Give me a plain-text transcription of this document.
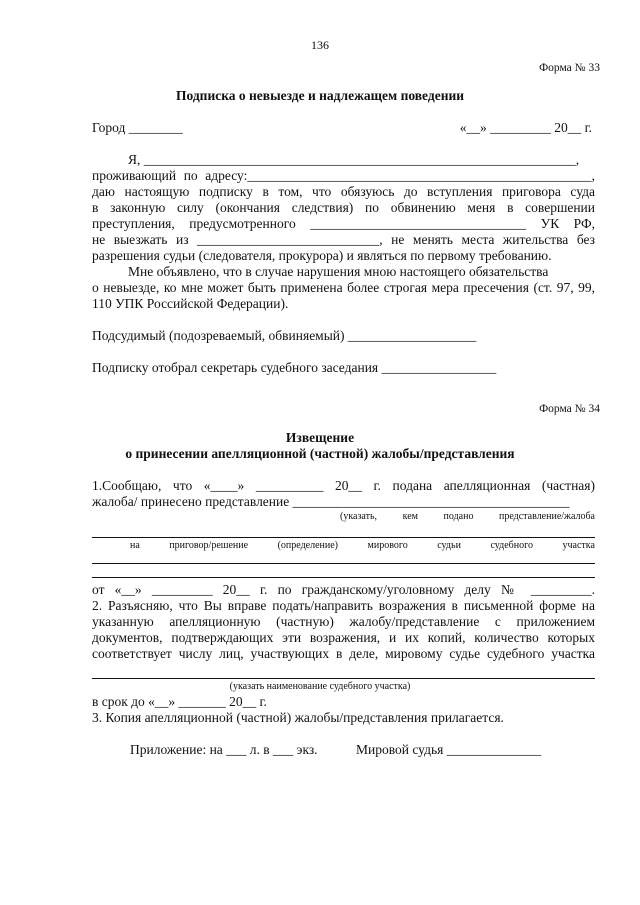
136
Форма № 33
Подписка о невыезде и надлежащем поведении
Город ________	«__» _________ 20__ г.
Я, ________________________________________________________________,
проживающий по адресу:___________________________________________________,
даю настоящую подписку в том, что обязуюсь до вступления приговора суда
в законную силу (окончания следствия) по обвинению меня в совершении
преступления, предусмотренного ________________________________ УК РФ,
не выезжать из ___________________________, не менять места жительства без
разрешения судьи (следователя, прокурора) и являться по первому требованию.
Мне объявлено, что в случае нарушения мною настоящего обязательства
о невыезде, ко мне может быть применена более строгая мера пресечения (ст. 97, 99,
110 УПК Российской Федерации).
Подсудимый (подозреваемый, обвиняемый) ___________________
Подписку отобрал секретарь судебного заседания _________________
Форма № 34
Извещение
о принесении апелляционной (частной) жалобы/представления
1.Сообщаю, что «____» __________ 20__ г. подана апелляционная (частная)
жалоба/ принесено представление _________________________________________
(указать,	кем	подано	представление/жалоба
на	приговор/решение	(определение)	мирового	судьи	судебного	участка
от «__» _________ 20__ г. по гражданскому/уголовному делу № _________.
2. Разъясняю, что Вы вправе подать/направить возражения в письменной форме на
указанную апелляционную (частную) жалобу/представление с приложением
документов, подтверждающих эти возражения, и их копий, количество которых
соответствует числу лиц, участвующих в деле, мировому судье судебного участка
(указать наименование судебного участка)
в срок до «__» _______ 20__ г.
3. Копия апелляционной (частной) жалобы/представления прилагается.
Приложение: на ___ л. в ___ экз.	Мировой судья ______________
